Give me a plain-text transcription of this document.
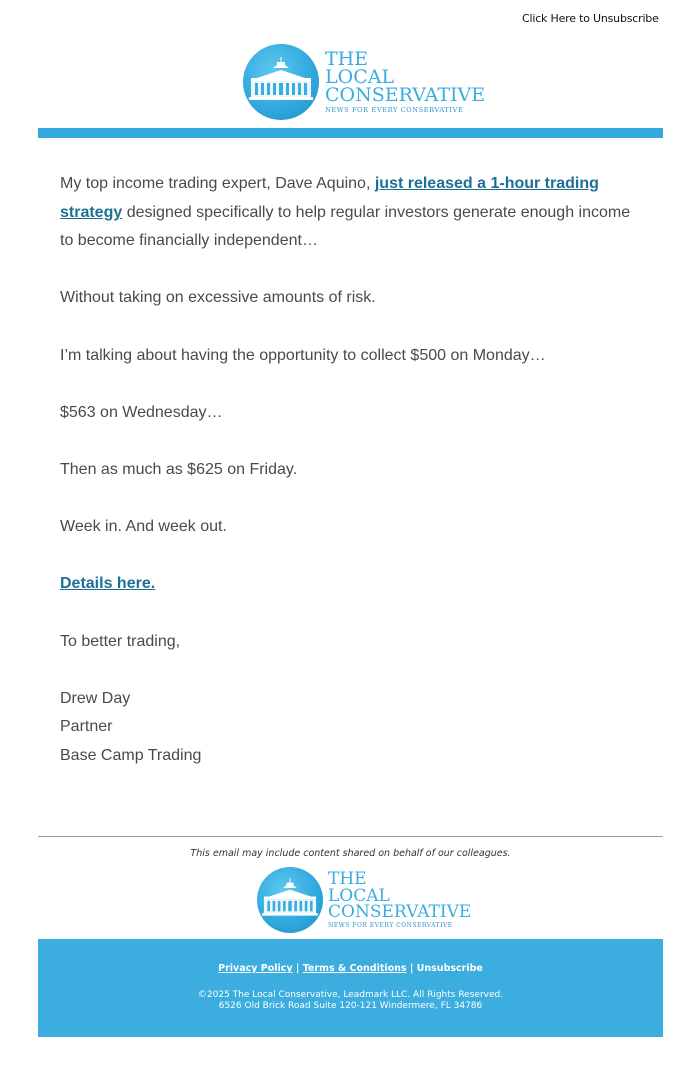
Click Here to Unsubscribe
THE
LOCAL
CONSERVATIVE
NEWS FOR EVERY CONSERVATIVE

My top income trading expert, Dave Aquino, just released a 1-hour trading strategy designed specifically to help regular investors generate enough income to become financially independent…

Without taking on excessive amounts of risk.

I’m talking about having the opportunity to collect $500 on Monday…

$563 on Wednesday…

Then as much as $625 on Friday.

Week in. And week out.

Details here.

To better trading,

Drew Day

Partner

Base Camp Trading

This email may include content shared on behalf of our colleagues.
THE
LOCAL
CONSERVATIVE
NEWS FOR EVERY CONSERVATIVE
Privacy Policy | Terms & Conditions | Unsubscribe
©2025 The Local Conservative, Leadmark LLC. All Rights Reserved.
6526 Old Brick Road Suite 120-121 Windermere, FL 34786
